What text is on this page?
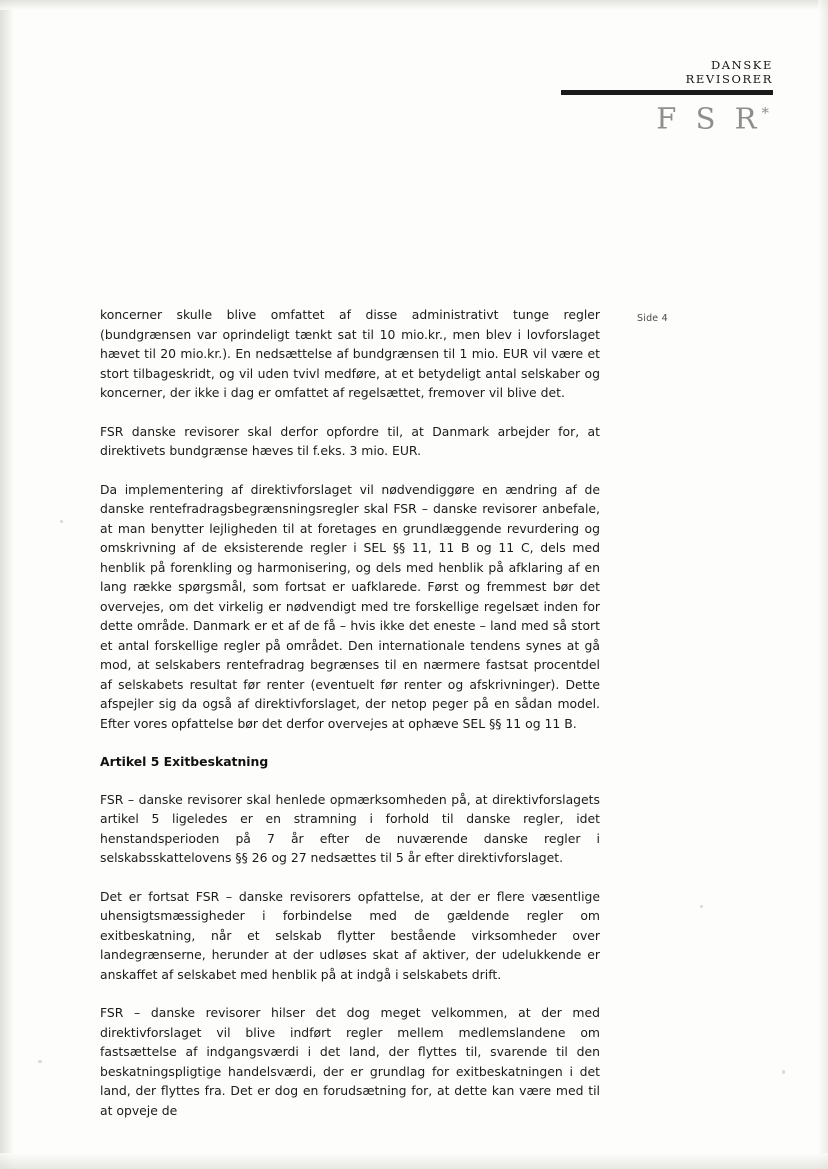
DANSKE
REVISORER
F S R*
Side 4

koncerner skulle blive omfattet af disse administrativt tunge regler (bundgrænsen var oprindeligt tænkt sat til 10 mio.kr., men blev i lovforslaget hævet til 20 mio.kr.). En nedsættelse af bundgrænsen til 1 mio. EUR vil være et stort tilbageskridt, og vil uden tvivl medføre, at et betydeligt antal selskaber og koncerner, der ikke i dag er omfattet af regelsættet, fremover vil blive det.

FSR danske revisorer skal derfor opfordre til, at Danmark arbejder for, at direktivets bundgrænse hæves til f.eks. 3 mio. EUR.

Da implementering af direktivforslaget vil nødvendiggøre en ændring af de danske rentefradragsbegrænsningsregler skal FSR – danske revisorer anbefale, at man benytter lejligheden til at foretages en grundlæggende revurdering og omskrivning af de eksisterende regler i SEL §§ 11, 11 B og 11 C, dels med henblik på forenkling og harmonisering, og dels med henblik på afklaring af en lang række spørgsmål, som fortsat er uafklarede. Først og fremmest bør det overvejes, om det virkelig er nødvendigt med tre forskellige regelsæt inden for dette område. Danmark er et af de få – hvis ikke det eneste – land med så stort et antal forskellige regler på området. Den internationale tendens synes at gå mod, at selskabers rentefradrag begrænses til en nærmere fastsat procentdel af selskabets resultat før renter (eventuelt før renter og afskrivninger). Dette afspejler sig da også af direktivforslaget, der netop peger på en sådan model. Efter vores opfattelse bør det derfor overvejes at ophæve SEL §§ 11 og 11 B.

Artikel 5 Exitbeskatning

FSR – danske revisorer skal henlede opmærksomheden på, at direktivforslagets artikel 5 ligeledes er en stramning i forhold til danske regler, idet henstandsperioden på 7 år efter de nuværende danske regler i selskabsskattelovens §§ 26 og 27 nedsættes til 5 år efter direktivforslaget.

Det er fortsat FSR – danske revisorers opfattelse, at der er flere væsentlige uhensigtsmæssigheder i forbindelse med de gældende regler om exitbeskatning, når et selskab flytter bestående virksomheder over landegrænserne, herunder at der udløses skat af aktiver, der udelukkende er anskaffet af selskabet med henblik på at indgå i selskabets drift.

FSR – danske revisorer hilser det dog meget velkommen, at der med direktivforslaget vil blive indført regler mellem medlemslandene om fastsættelse af indgangsværdi i det land, der flyttes til, svarende til den beskatningspligtige handelsværdi, der er grundlag for exitbeskatningen i det land, der flyttes fra. Det er dog en forudsætning for, at dette kan være med til at opveje de
